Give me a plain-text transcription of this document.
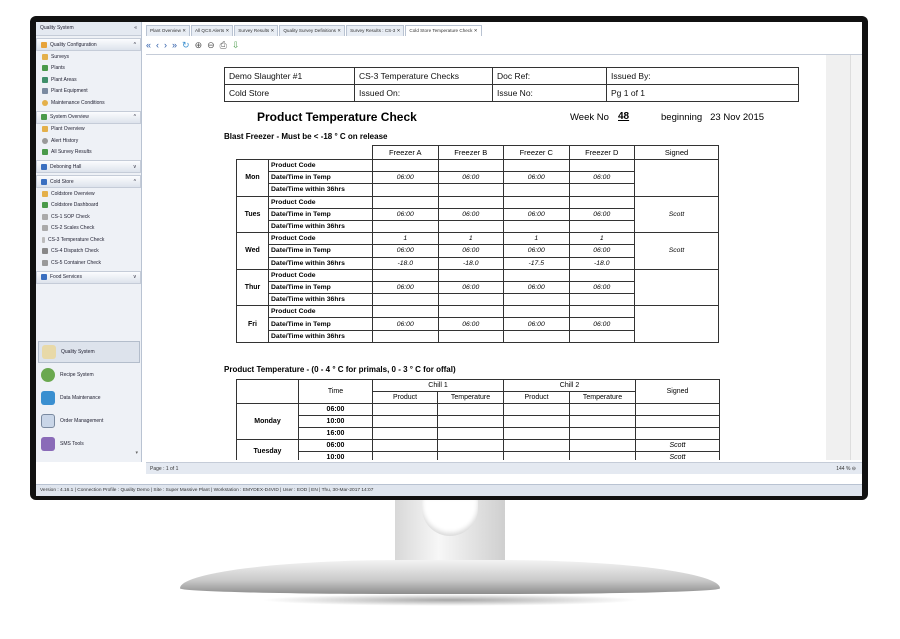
Quality System	«
Quality Configuration	^
Surveys
Plants
Plant Areas
Plant Equipment
Maintenance Conditions
System Overview	^
Plant Overview
Alert History
All Survey Results
Deboning Hall	v
Cold Store	^
Coldstore Overview
Coldstore Dashboard
CS-1 SOP Check
CS-2 Scales Check
CS-3 Temperature Check
CS-4 Dispatch Check
CS-5 Container Check
Food Services	v
Quality System
Recipe System
Data Maintenance
Order Management
SMS Tools
▾
Plant Overview ✕	All QCS Alerts ✕	Survey Results ✕	Quality Survey Definitions ✕	Survey Results : CS-3 ✕	Cold Store Temperature Check ✕
« ‹ › » ↻ ⊕ ⊖ ⎙ ⇩
Demo Slaughter #1	CS-3 Temperature Checks	Doc Ref:	Issued By:
Cold Store	Issued On:	Issue No:	Pg 1 of 1
Product Temperature Check	Week No 48	beginning 23 Nov 2015
Blast Freezer - Must be < -18 ° C on release
		Freezer A	Freezer B	Freezer C	Freezer D	Signed
Mon	Product Code					
	Date/Time in Temp	06:00	06:00	06:00	06:00	
	Date/Time within 36hrs					
Tues	Product Code					Scott
	Date/Time in Temp	06:00	06:00	06:00	06:00	
	Date/Time within 36hrs					
Wed	Product Code	1	1	1	1	Scott
	Date/Time in Temp	06:00	06:00	06:00	06:00	
	Date/Time within 36hrs	-18.0	-18.0	-17.5	-18.0	
Thur	Product Code					
	Date/Time in Temp	06:00	06:00	06:00	06:00	
	Date/Time within 36hrs					
Fri	Product Code					
	Date/Time in Temp	06:00	06:00	06:00	06:00	
	Date/Time within 36hrs					
Product Temperature - (0 - 4 ° C for primals, 0 - 3 ° C for offal)
	Time	Chill 1		Chill 2		Signed
		Product	Temperature	Product	Temperature	
Monday	06:00					
	10:00					
	16:00					
Tuesday	06:00					Scott
	10:00					Scott
Page : 1 of 1	144 % ⊖
Version : 4.16.1 | Connection Profile : Quality Demo | Site : Super Massive Plant | Workstation : EMYDEX-D4VID | User : EOD | EN | Thu, 30-Mar-2017 14:07
